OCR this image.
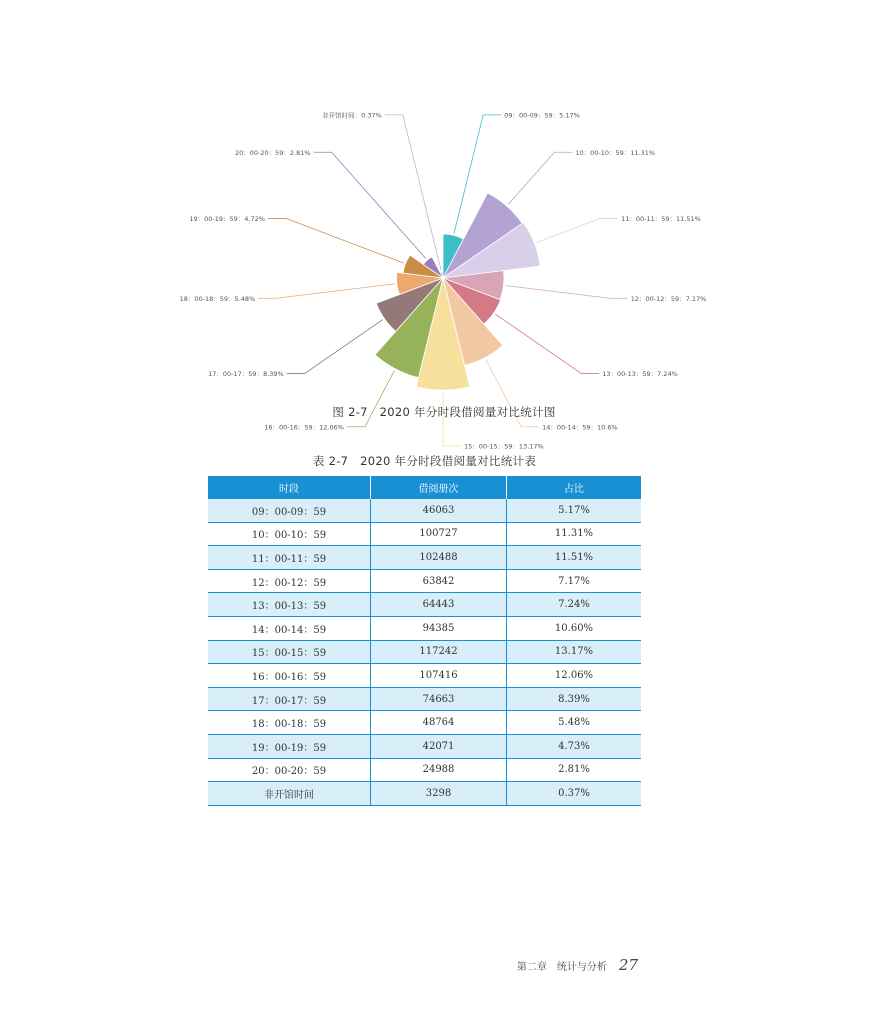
09：00-09：59：5.17%
10：00-10：59：11.31%
11：00-11：59：11.51%
12：00-12：59：7.17%
13：00-13：59：7.24%
14：00-14：59：10.6%
15：00-15：59：13.17%
16：00-16：59：12.06%
17：00-17：59：8.39%
18：00-18：59：5.48%
19：00-19：59：4.72%
20：00-20：59：2.81%
非开馆时间：0.37%
图 2-7　2020 年分时段借阅量对比统计图
表 2-7　2020 年分时段借阅量对比统计表
时段	借阅册次	占比
09：00-09：59	46063	5.17%
10：00-10：59	100727	11.31%
11：00-11：59	102488	11.51%
12：00-12：59	63842	7.17%
13：00-13：59	64443	7.24%
14：00-14：59	94385	10.60%
15：00-15：59	117242	13.17%
16：00-16：59	107416	12.06%
17：00-17：59	74663	8.39%
18：00-18：59	48764	5.48%
19：00-19：59	42071	4.73%
20：00-20：59	24988	2.81%
非开馆时间	3298	0.37%
第二章　统计与分析 27
